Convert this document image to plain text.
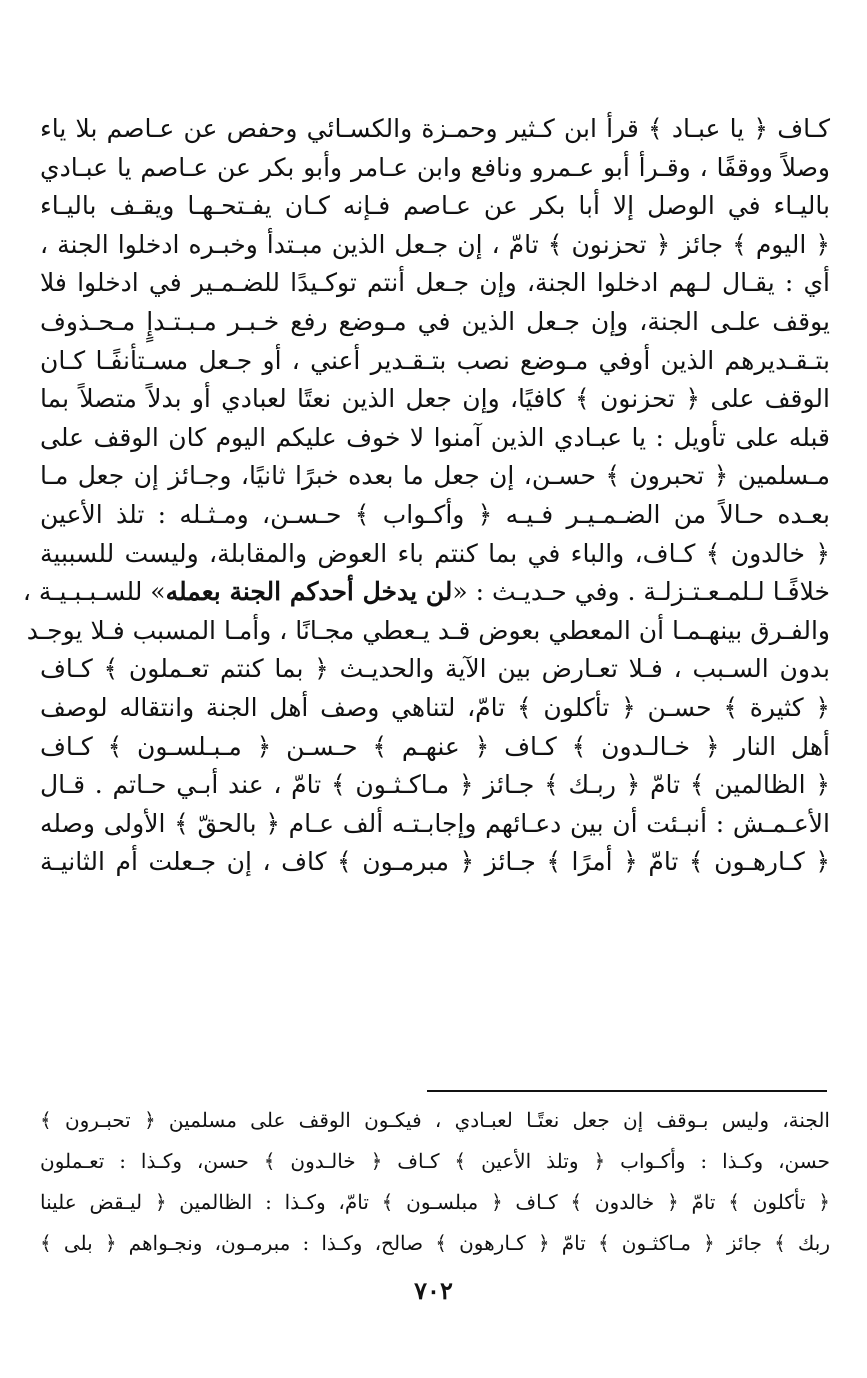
كـاف ﴿ يا عبـاد ﴾ قرأ ابن كـثير وحمـزة والكسـائي وحفص عن عـاصم بلا ياء
وصلاً ووقفًا ، وقـرأ أبو عـمرو ونافع وابن عـامر وأبو بكر عن عـاصم يا عبـادي
باليـاء في الوصل إلا أبا بكر عن عـاصم فـإنه كـان يفـتحـهـا ويقـف باليـاء
﴿ اليوم ﴾ جائز ﴿ تحزنون ﴾ تامّ ، إن جـعل الذين مبـتدأ وخبـره ادخلوا الجنة ،
أي : يقـال لـهم ادخلوا الجنة، وإن جـعل أنتم توكـيدًا للضـمـير في ادخلوا فلا
يوقف علـى الجنة، وإن جـعل الذين في مـوضع رفع خـبـر مـبـتـدإٍ مـحـذوف
بتـقـديرهم الذين أوفي مـوضع نصب بتـقـدير أعني ، أو جـعل مسـتأنفًـا كـان
الوقف على ﴿ تحزنون ﴾ كافيًا، وإن جعل الذين نعتًا لعبادي أو بدلاً متصلاً بما
قبله على تأويل : يا عبـادي الذين آمنوا لا خوف عليكم اليوم كان الوقف على
مـسلمين ﴿ تحبرون ﴾ حسـن، إن جعل ما بعده خبرًا ثانيًا، وجـائز إن جعل مـا
بعـده حـالاً من الضـمـيـر فـيـه ﴿ وأكـواب ﴾ حـسـن، ومـثـله : تلذ الأعين
﴿ خالدون ﴾ كـاف، والباء في بما كنتم باء العوض والمقابلة، وليست للسببية
خلافًـا لـلمـعـتـزلـة . وفي حـديـث : «لن يدخل أحدكم الجنة بعمله» للسـبـبـيـة ،
والفـرق بينهـمـا أن المعطي بعوض قـد يـعطي مجـانًا ، وأمـا المسبب فـلا يوجـد
بدون السـبب ، فـلا تعـارض بين الآية والحديـث ﴿ بما كنتم تعـملون ﴾ كـاف
﴿ كثيرة ﴾ حسـن ﴿ تأكلون ﴾ تامّ، لتناهي وصف أهل الجنة وانتقاله لوصف
أهل النار ﴿ خـالـدون ﴾ كـاف ﴿ عنهـم ﴾ حـسـن ﴿ مـبـلسـون ﴾ كـاف
﴿ الظالمين ﴾ تامّ ﴿ ربـك ﴾ جـائز ﴿ مـاكـثـون ﴾ تامّ ، عند أبـي حـاتم . قـال
الأعـمـش : أنبـئت أن بين دعـائهم وإجابـتـه ألف عـام ﴿ بالحقّ ﴾ الأولى وصله
﴿ كـارهـون ﴾ تامّ ﴿ أمرًا ﴾ جـائز ﴿ مبرمـون ﴾ كاف ، إن جـعلت أم الثانيـة
الجنة، وليس بـوقف إن جعل نعتًـا لعبـادي ، فيكـون الوقف على مسلمين ﴿ تحبـرون ﴾
حسن، وكـذا : وأكـواب ﴿ وتلذ الأعين ﴾ كـاف ﴿ خالـدون ﴾ حسن، وكـذا : تعـملون
﴿ تأكلون ﴾ تامّ ﴿ خالدون ﴾ كـاف ﴿ مبلسـون ﴾ تامّ، وكـذا : الظالمين ﴿ ليـقض علينا
ربك ﴾ جائز ﴿ مـاكثـون ﴾ تامّ ﴿ كـارهون ﴾ صالح، وكـذا : مبرمـون، ونجـواهم ﴿ بلى ﴾
٧٠٢
